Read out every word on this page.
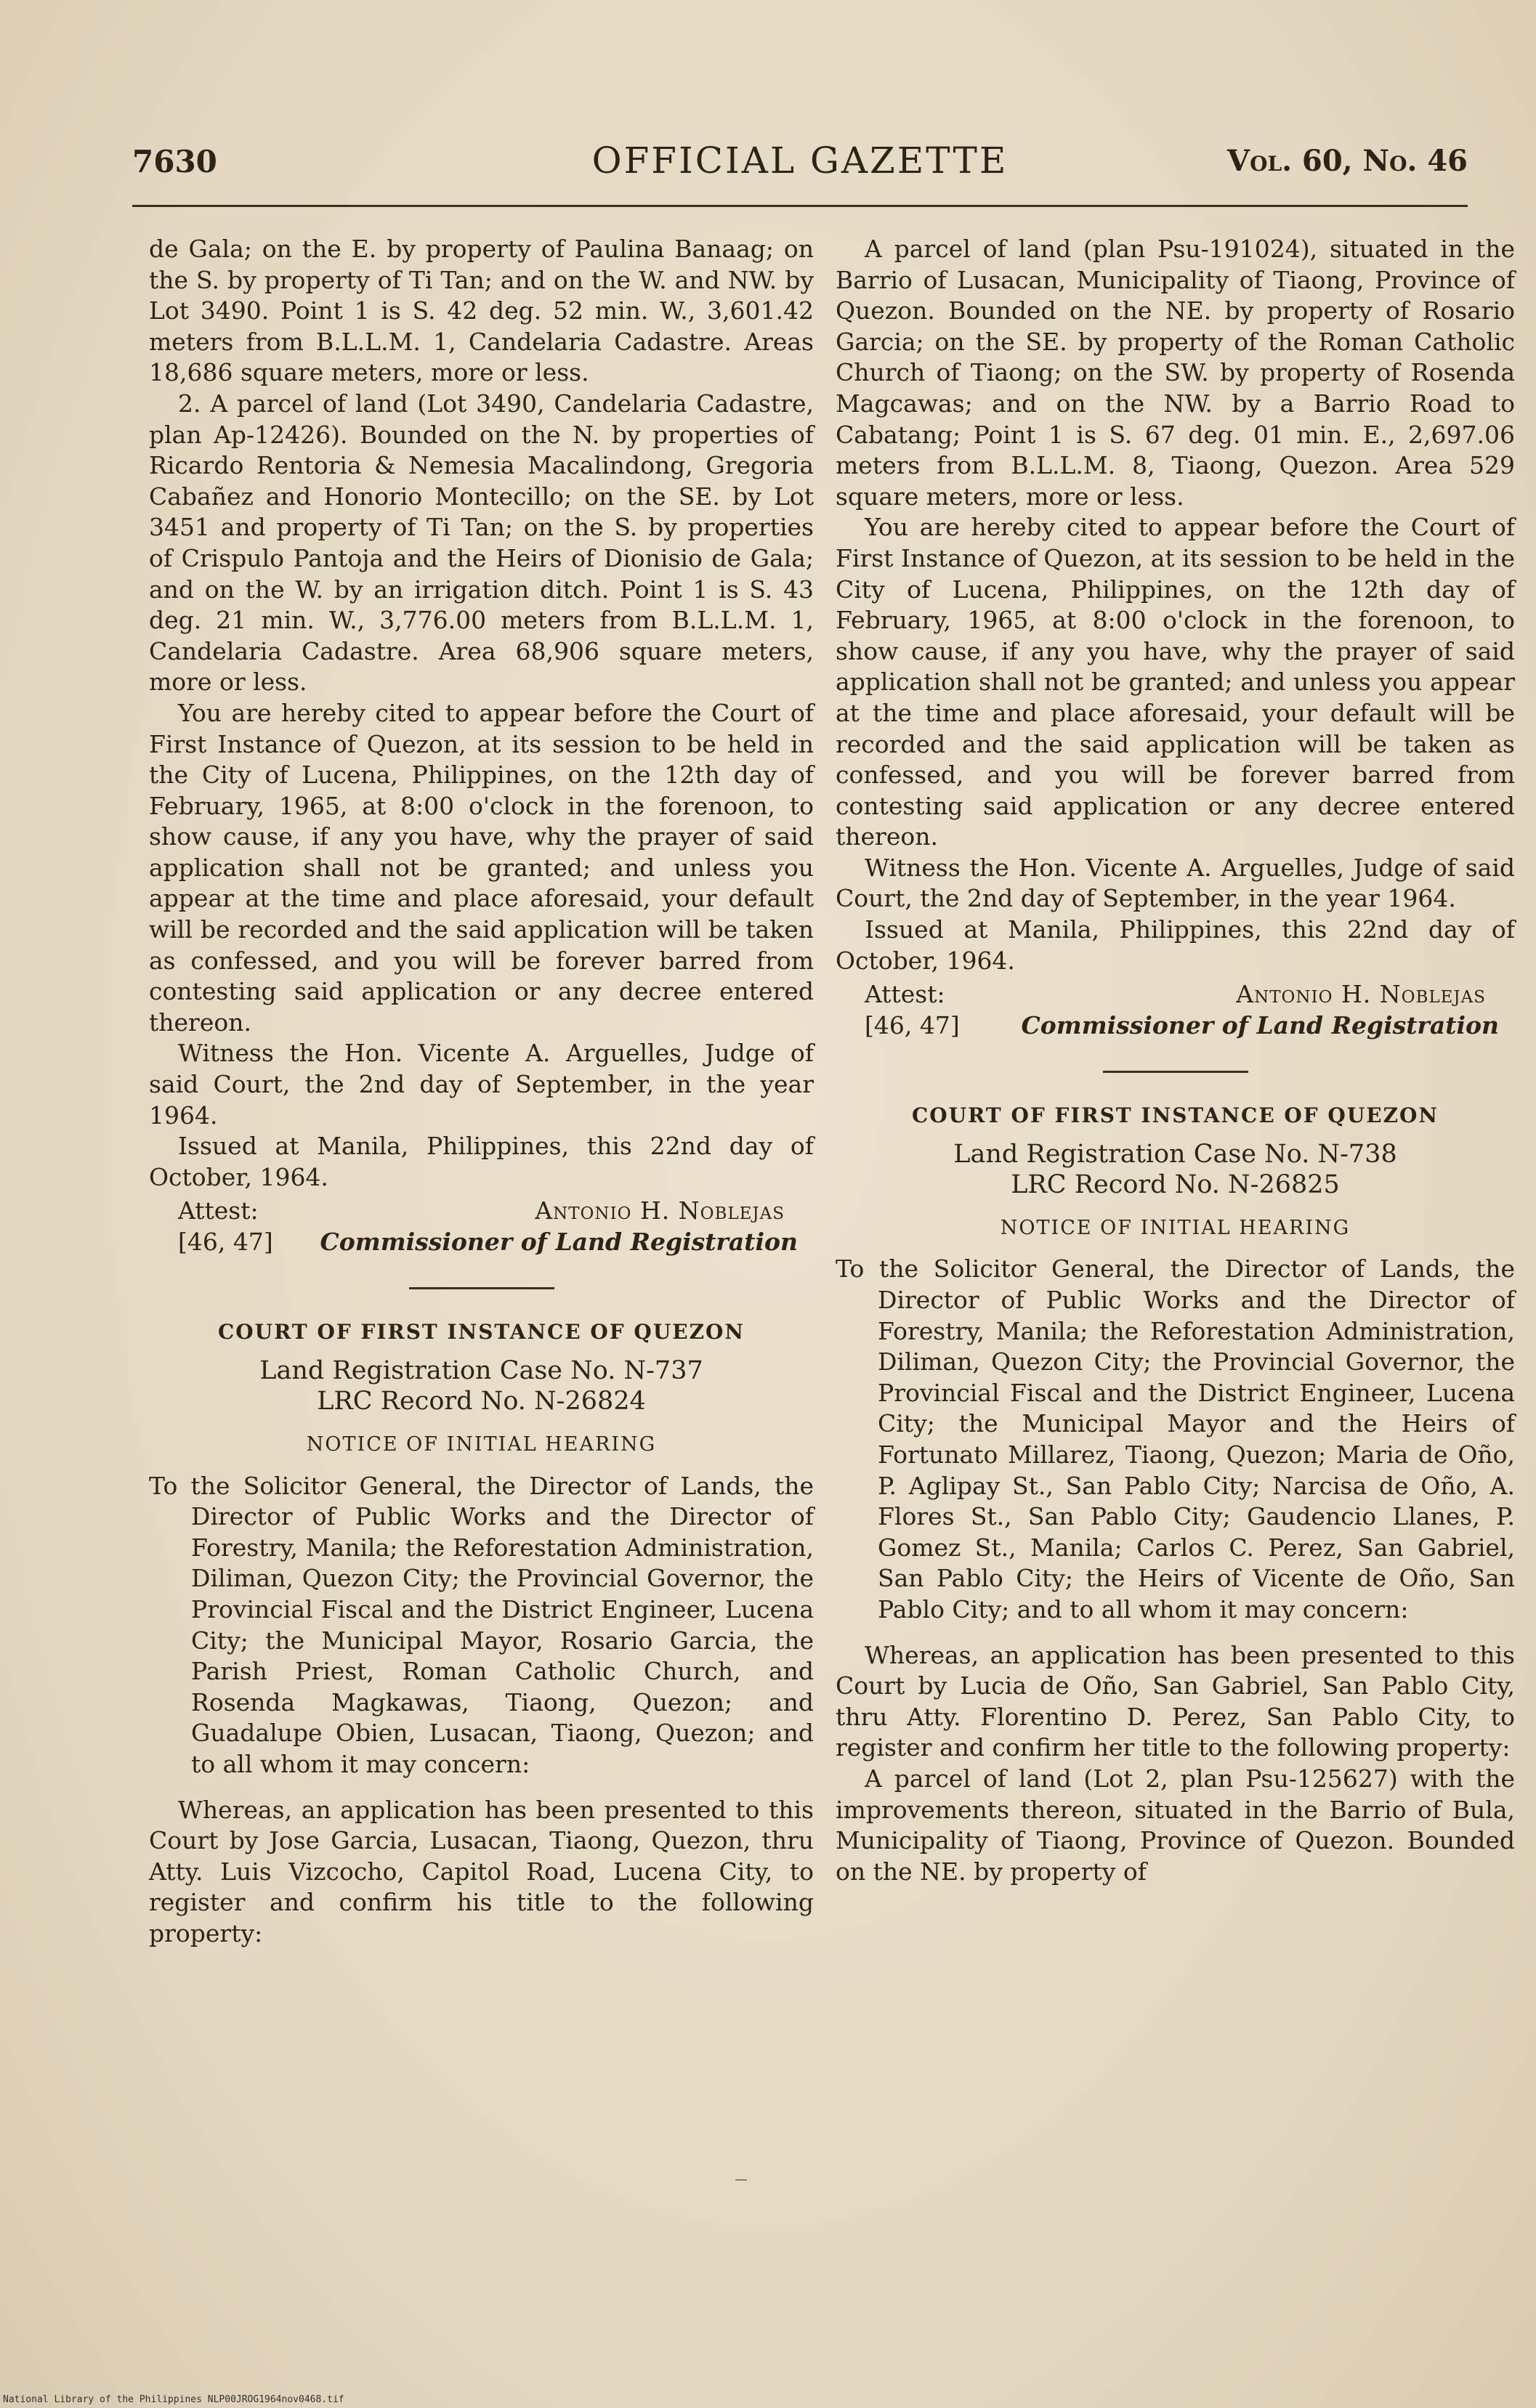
7630	OFFICIAL GAZETTE	Vol. 60, No. 46

de Gala; on the E. by property of Paulina Banaag; on the S. by property of Ti Tan; and on the W. and NW. by Lot 3490. Point 1 is S. 42 deg. 52 min. W., 3,601.42 meters from B.L.L.M. 1, Candelaria Cadastre. Areas 18,686 square meters, more or less.

2. A parcel of land (Lot 3490, Candelaria Cadastre, plan Ap-12426). Bounded on the N. by properties of Ricardo Rentoria & Nemesia Macalindong, Gregoria Cabañez and Honorio Montecillo; on the SE. by Lot 3451 and property of Ti Tan; on the S. by properties of Crispulo Pantoja and the Heirs of Dionisio de Gala; and on the W. by an irrigation ditch. Point 1 is S. 43 deg. 21 min. W., 3,776.00 meters from B.L.L.M. 1, Candelaria Cadastre. Area 68,906 square meters, more or less.

You are hereby cited to appear before the Court of First Instance of Quezon, at its session to be held in the City of Lucena, Philippines, on the 12th day of February, 1965, at 8:00 o'clock in the forenoon, to show cause, if any you have, why the prayer of said application shall not be granted; and unless you appear at the time and place aforesaid, your default will be recorded and the said application will be taken as confessed, and you will be forever barred from contesting said application or any decree entered thereon.

Witness the Hon. Vicente A. Arguelles, Judge of said Court, the 2nd day of September, in the year 1964.

Issued at Manila, Philippines, this 22nd day of October, 1964.

Attest:	Antonio H. Noblejas
[46, 47] Commissioner of Land Registration
COURT OF FIRST INSTANCE OF QUEZON

Land Registration Case No. N-737

LRC Record No. N-26824

NOTICE OF INITIAL HEARING

To the Solicitor General, the Director of Lands, the Director of Public Works and the Director of Forestry, Manila; the Reforestation Administration, Diliman, Quezon City; the Provincial Governor, the Provincial Fiscal and the District Engineer, Lucena City; the Municipal Mayor, Rosario Garcia, the Parish Priest, Roman Catholic Church, and Rosenda Magkawas, Tiaong, Quezon; and Guadalupe Obien, Lusacan, Tiaong, Quezon; and to all whom it may concern:

Whereas, an application has been presented to this Court by Jose Garcia, Lusacan, Tiaong, Quezon, thru Atty. Luis Vizcocho, Capitol Road, Lucena City, to register and confirm his title to the following property:

A parcel of land (plan Psu-191024), situated in the Barrio of Lusacan, Municipality of Tiaong, Province of Quezon. Bounded on the NE. by property of Rosario Garcia; on the SE. by property of the Roman Catholic Church of Tiaong; on the SW. by property of Rosenda Magcawas; and on the NW. by a Barrio Road to Cabatang; Point 1 is S. 67 deg. 01 min. E., 2,697.06 meters from B.L.L.M. 8, Tiaong, Quezon. Area 529 square meters, more or less.

You are hereby cited to appear before the Court of First Instance of Quezon, at its session to be held in the City of Lucena, Philippines, on the 12th day of February, 1965, at 8:00 o'clock in the forenoon, to show cause, if any you have, why the prayer of said application shall not be granted; and unless you appear at the time and place aforesaid, your default will be recorded and the said application will be taken as confessed, and you will be forever barred from contesting said application or any decree entered thereon.

Witness the Hon. Vicente A. Arguelles, Judge of said Court, the 2nd day of September, in the year 1964.

Issued at Manila, Philippines, this 22nd day of October, 1964.

Attest:	Antonio H. Noblejas
[46, 47]	Commissioner of Land Registration
COURT OF FIRST INSTANCE OF QUEZON

Land Registration Case No. N-738

LRC Record No. N-26825

NOTICE OF INITIAL HEARING

To the Solicitor General, the Director of Lands, the Director of Public Works and the Director of Forestry, Manila; the Reforestation Administration, Diliman, Quezon City; the Provincial Governor, the Provincial Fiscal and the District Engineer, Lucena City; the Municipal Mayor and the Heirs of Fortunato Millarez, Tiaong, Quezon; Maria de Oño, P. Aglipay St., San Pablo City; Narcisa de Oño, A. Flores St., San Pablo City; Gaudencio Llanes, P. Gomez St., Manila; Carlos C. Perez, San Gabriel, San Pablo City; the Heirs of Vicente de Oño, San Pablo City; and to all whom it may concern:

Whereas, an application has been presented to this Court by Lucia de Oño, San Gabriel, San Pablo City, thru Atty. Florentino D. Perez, San Pablo City, to register and confirm her title to the following property:

A parcel of land (Lot 2, plan Psu-125627) with the improvements thereon, situated in the Barrio of Bula, Municipality of Tiaong, Province of Quezon. Bounded on the NE. by property of

National Library of the Philippines NLP00JROG1964nov0468.tif
